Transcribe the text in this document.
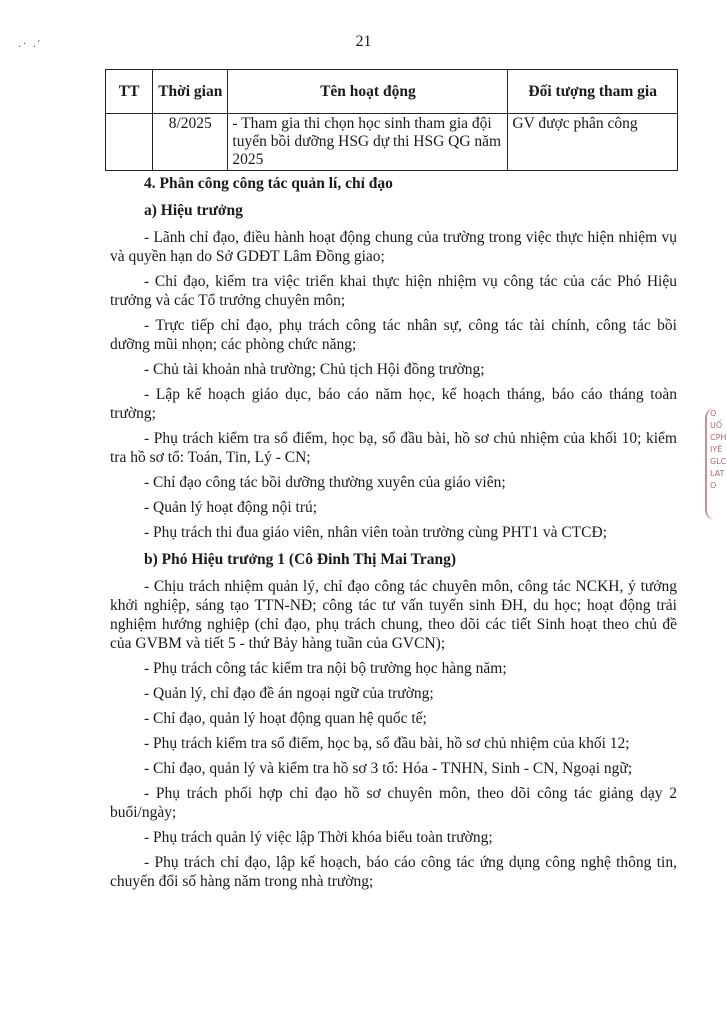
21
.· .'
TT	Thời gian	Tên hoạt động	Đối tượng tham gia
	8/2025	- Tham gia thi chọn học sinh tham gia đội tuyển bồi dưỡng HSG dự thi HSG QG năm 2025	GV được phân công

4. Phân công công tác quản lí, chỉ đạo

a) Hiệu trưởng

- Lãnh chỉ đạo, điều hành hoạt động chung của trường trong việc thực hiện nhiệm vụ và quyền hạn do Sở GDĐT Lâm Đồng giao;

- Chỉ đạo, kiểm tra việc triển khai thực hiện nhiệm vụ công tác của các Phó Hiệu trưởng và các Tổ trưởng chuyên môn;

- Trực tiếp chỉ đạo, phụ trách công tác nhân sự, công tác tài chính, công tác bồi dưỡng mũi nhọn; các phòng chức năng;

- Chủ tài khoản nhà trường; Chủ tịch Hội đồng trường;

- Lập kế hoạch giáo dục, báo cáo năm học, kế hoạch tháng, báo cáo tháng toàn trường;

- Phụ trách kiểm tra sổ điểm, học bạ, sổ đầu bài, hồ sơ chủ nhiệm của khối 10; kiểm tra hồ sơ tổ: Toán, Tin, Lý - CN;

- Chỉ đạo công tác bồi dưỡng thường xuyên của giáo viên;

- Quản lý hoạt động nội trú;

- Phụ trách thi đua giáo viên, nhân viên toàn trường cùng PHT1 và CTCĐ;

b) Phó Hiệu trưởng 1 (Cô Đinh Thị Mai Trang)

- Chịu trách nhiệm quản lý, chỉ đạo công tác chuyên môn, công tác NCKH, ý tưởng khởi nghiệp, sáng tạo TTN-NĐ; công tác tư vấn tuyển sinh ĐH, du học; hoạt động trải nghiệm hướng nghiệp (chỉ đạo, phụ trách chung, theo dõi các tiết Sinh hoạt theo chủ đề của GVBM và tiết 5 - thứ Bảy hàng tuần của GVCN);

- Phụ trách công tác kiểm tra nội bộ trường học hàng năm;

- Quản lý, chỉ đạo đề án ngoại ngữ của trường;

- Chỉ đạo, quản lý hoạt động quan hệ quốc tế;

- Phụ trách kiểm tra sổ điểm, học bạ, sổ đầu bài, hồ sơ chủ nhiệm của khối 12;

- Chỉ đạo, quản lý và kiểm tra hồ sơ 3 tổ: Hóa - TNHN, Sinh - CN, Ngoại ngữ;

- Phụ trách phối hợp chỉ đạo hồ sơ chuyên môn, theo dõi công tác giảng dạy 2 buổi/ngày;

- Phụ trách quản lý việc lập Thời khóa biểu toàn trường;

- Phụ trách chỉ đạo, lập kế hoạch, báo cáo công tác ứng dụng công nghệ thông tin, chuyển đổi số hàng năm trong nhà trường;

O
UỐ
CPH
IYÊ
GLC
LAT
O
